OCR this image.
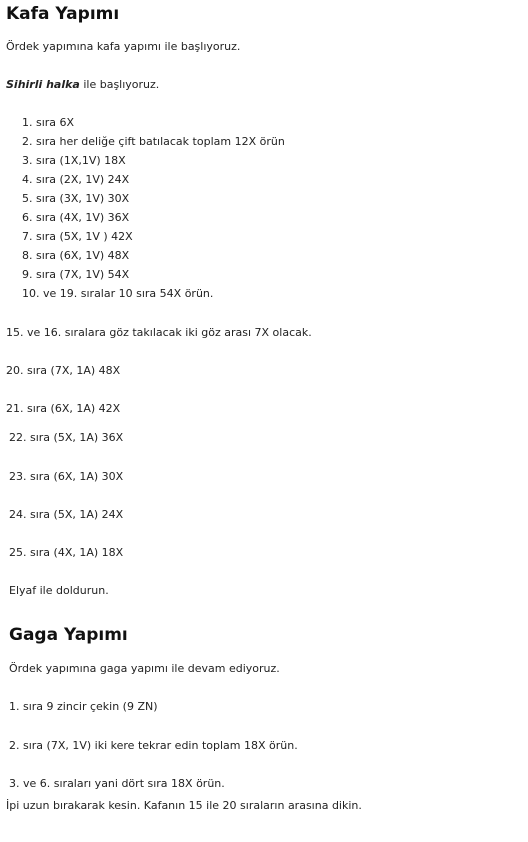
Kafa Yapımı
Ördek yapımına kafa yapımı ile başlıyoruz.
Sihirli halka ile başlıyoruz.
1. sıra 6X
2. sıra her deliğe çift batılacak toplam 12X örün
3. sıra (1X,1V) 18X
4. sıra (2X, 1V) 24X
5. sıra (3X, 1V) 30X
6. sıra (4X, 1V) 36X
7. sıra (5X, 1V ) 42X
8. sıra (6X, 1V) 48X
9. sıra (7X, 1V) 54X
10. ve 19. sıralar 10 sıra 54X örün.
15. ve 16. sıralara göz takılacak iki göz arası 7X olacak.
20. sıra (7X, 1A) 48X
21. sıra (6X, 1A) 42X
22. sıra (5X, 1A) 36X
23. sıra (6X, 1A) 30X
24. sıra (5X, 1A) 24X
25. sıra (4X, 1A) 18X
Elyaf ile doldurun.
Gaga Yapımı
Ördek yapımına gaga yapımı ile devam ediyoruz.
1. sıra 9 zincir çekin (9 ZN)
2. sıra (7X, 1V) iki kere tekrar edin toplam 18X örün.
3. ve 6. sıraları yani dört sıra 18X örün.
İpi uzun bırakarak kesin. Kafanın 15 ile 20 sıraların arasına dikin.
